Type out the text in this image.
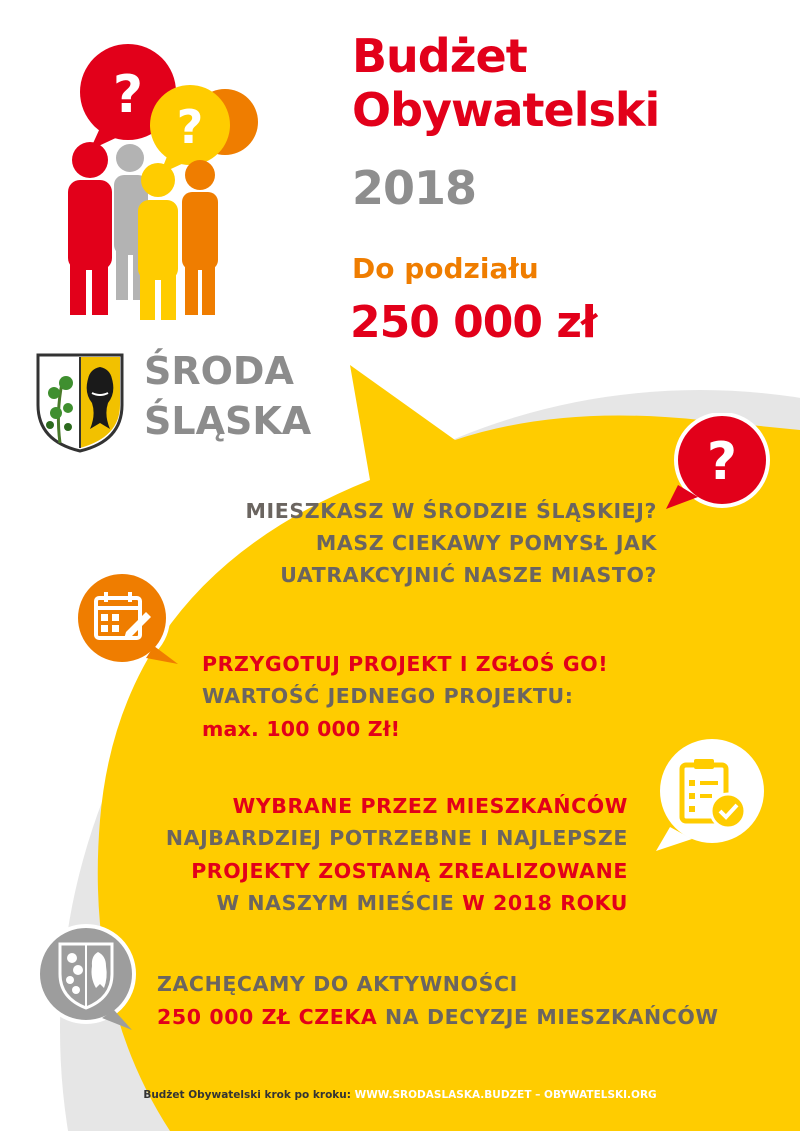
?
?
Budżet
Obywatelski
2018
Do podziału
250 000 zł
ŚRODA
ŚLĄSKA
?
MIESZKASZ W ŚRODZIE ŚLĄSKIEJ?
MASZ CIEKAWY POMYSŁ JAK
UATRAKCYJNIĆ NASZE MIASTO?
PRZYGOTUJ PROJEKT I ZGŁOŚ GO!
WARTOŚĆ JEDNEGO PROJEKTU:
max. 100 000 Zł!
WYBRANE PRZEZ MIESZKAŃCÓW
NAJBARDZIEJ POTRZEBNE I NAJLEPSZE
PROJEKTY ZOSTANĄ ZREALIZOWANE
W NASZYM MIEŚCIE W 2018 ROKU
ZACHĘCAMY DO AKTYWNOŚCI
250 000 ZŁ CZEKA NA DECYZJE MIESZKAŃCÓW
Budżet Obywatelski krok po kroku: WWW.SRODASLASKA.BUDZET – OBYWATELSKI.ORG
